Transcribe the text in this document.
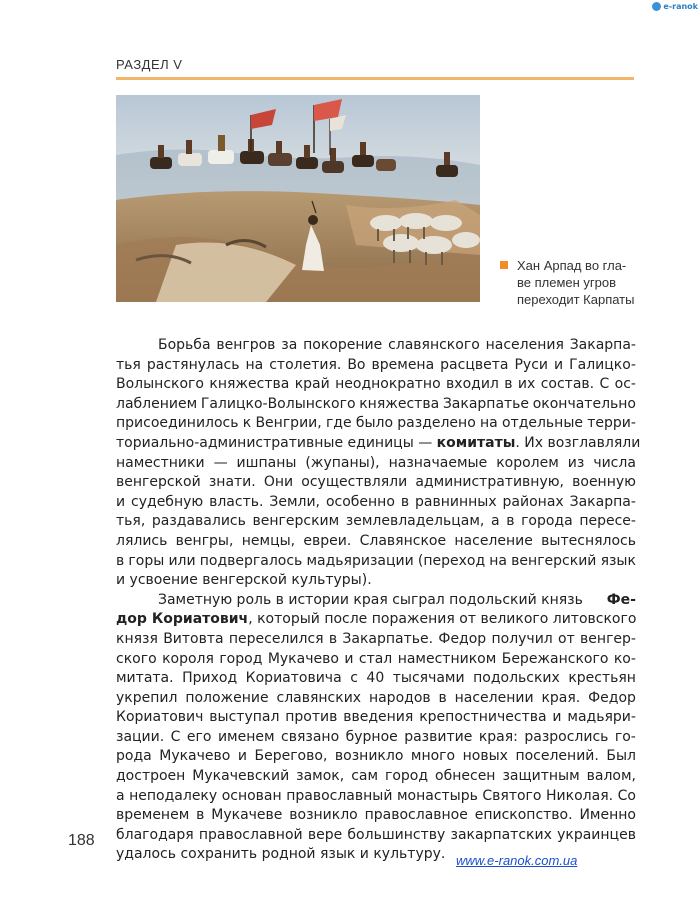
e-ranok
РАЗДЕЛ V
Хан Арпад во гла-
ве племен угров
переходит Карпаты
Борьба венгров за покорение славянского населения Закарпа-
тья растянулась на столетия. Во времена расцвета Руси и Галицко-
Волынского княжества край неоднократно входил в их состав. С ос-
лаблением Галицко-Волынского княжества Закарпатье окончательно
присоединилось к Венгрии, где было разделено на отдельные терри-
ториально-административные единицы — комитаты . Их возглавляли
наместники — ишпаны (жупаны), назначаемые королем из числа
венгерской знати. Они осуществляли административную, военную
и судебную власть. Земли, особенно в равнинных районах Закарпа-
тья, раздавались венгерским землевладельцам, а в города пересе-
лялись венгры, немцы, евреи. Славянское население вытеснялось
в горы или подвергалось мадьяризации (переход на венгерский язык
и усвоение венгерской культуры).
Заметную роль в истории края сыграл подольский князь Фе-
дор Кориатович , который после поражения от великого литовского
князя Витовта переселился в Закарпатье. Федор получил от венгер-
ского короля город Мукачево и стал наместником Бережанского ко-
митата. Приход Кориатовича с 40 тысячами подольских крестьян
укрепил положение славянских народов в населении края. Федор
Кориатович выступал против введения крепостничества и мадьяри-
зации. С его именем связано бурное развитие края: разрослись го-
рода Мукачево и Берегово, возникло много новых поселений. Был
достроен Мукачевский замок, сам город обнесен защитным валом,
а неподалеку основан православный монастырь Святого Николая. Со
временем в Мукачеве возникло православное епископство. Именно
благодаря православной вере большинству закарпатских украинцев
удалось сохранить родной язык и культуру.
188
www.e-ranok.com.ua
